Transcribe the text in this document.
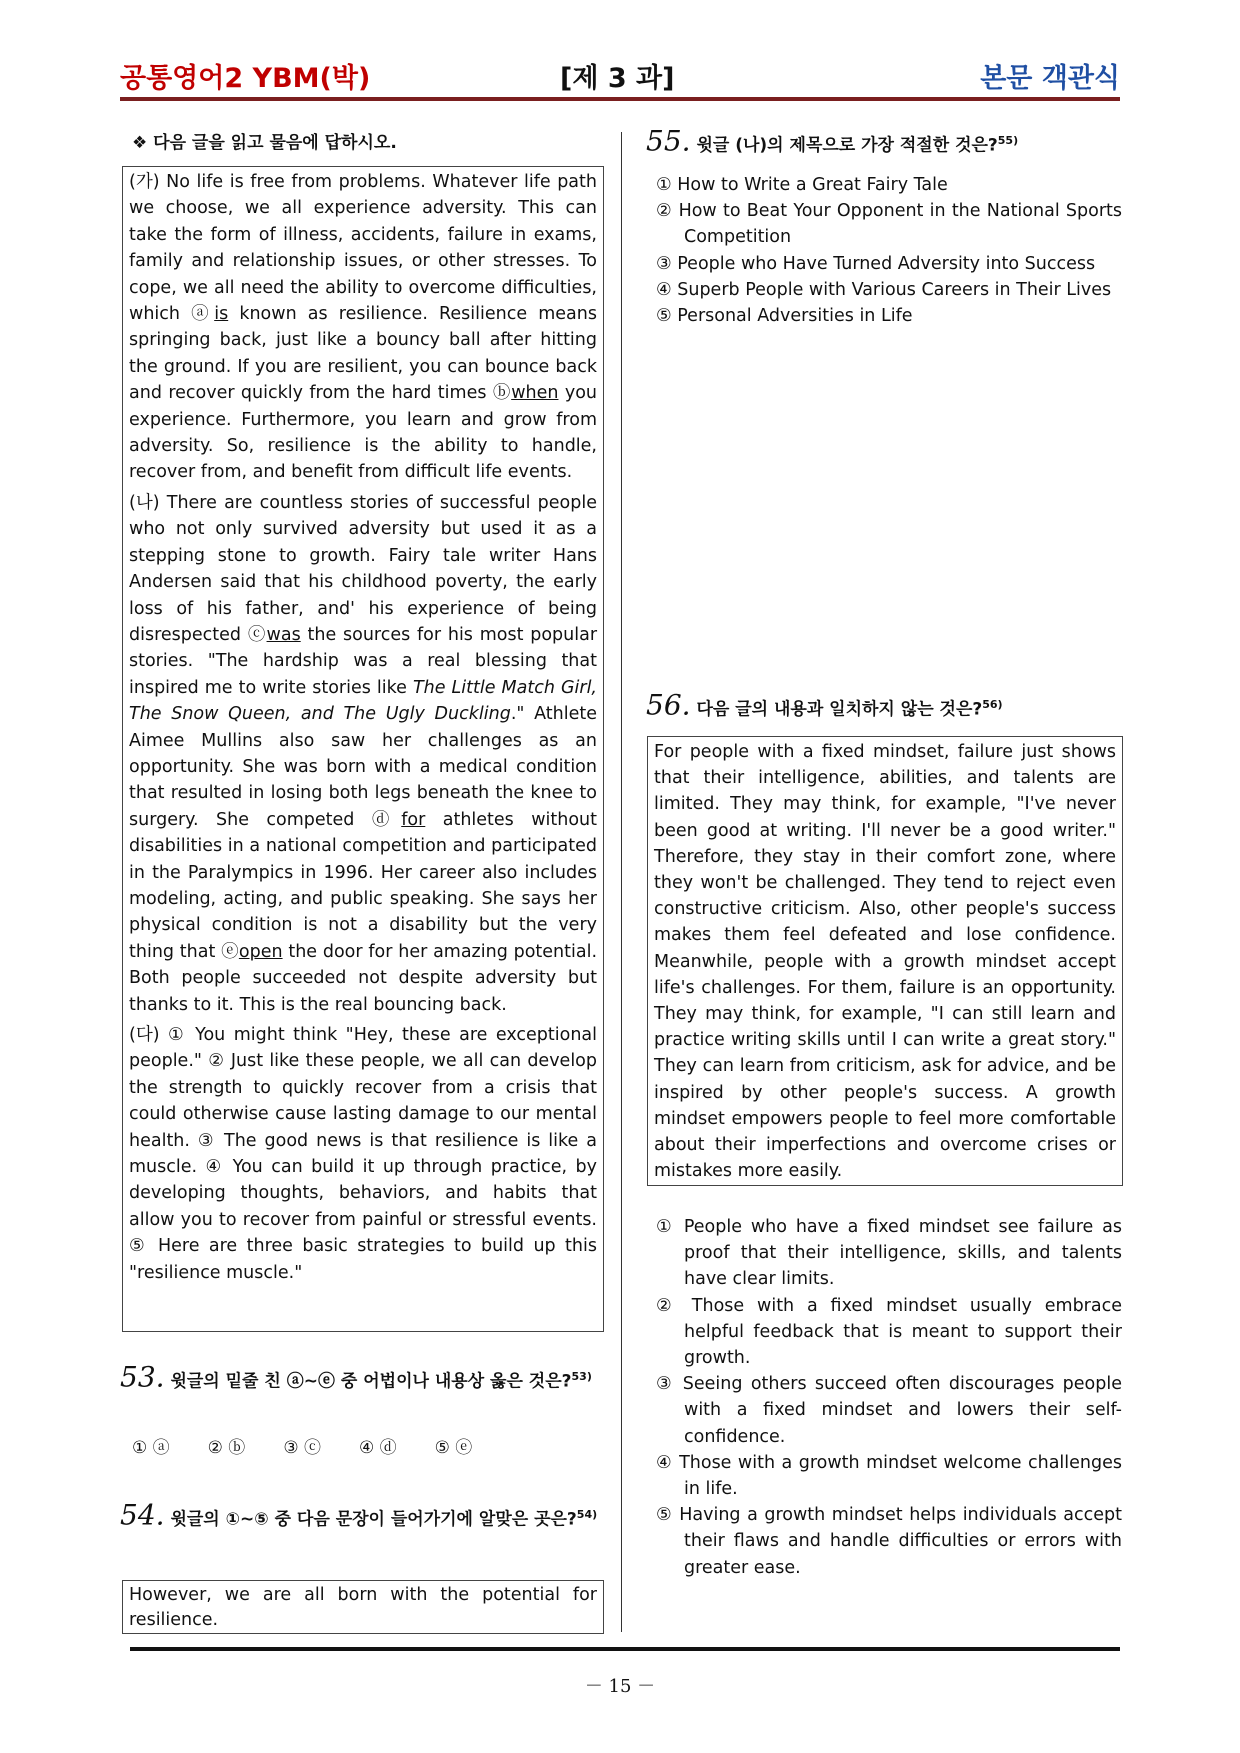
공통영어2 YBM(박)	[제 3 과]	본문 객관식
❖ 다음 글을 읽고 물음에 답하시오.

(가) No life is free from problems. Whatever life path we choose, we all experience adversity. This can take the form of illness, accidents, failure in exams, family and relationship issues, or other stresses. To cope, we all need the ability to overcome difficulties, which ⓐis known as resilience. Resilience means springing back, just like a bouncy ball after hitting the ground. If you are resilient, you can bounce back and recover quickly from the hard times ⓑwhen you experience. Furthermore, you learn and grow from adversity. So, resilience is the ability to handle, recover from, and benefit from difficult life events.

(나) There are countless stories of successful people who not only survived adversity but used it as a stepping stone to growth. Fairy tale writer Hans Andersen said that his childhood poverty, the early loss of his father, and' his experience of being disrespected ⓒwas the sources for his most popular stories. "The hardship was a real blessing that inspired me to write stories like The Little Match Girl, The Snow Queen, and The Ugly Duckling." Athlete Aimee Mullins also saw her challenges as an opportunity. She was born with a medical condition that resulted in losing both legs beneath the knee to surgery. She competed ⓓfor athletes without disabilities in a national competition and participated in the Paralympics in 1996. Her career also includes modeling, acting, and public speaking. She says her physical condition is not a disability but the very thing that ⓔopen the door for her amazing potential. Both people succeeded not despite adversity but thanks to it. This is the real bouncing back.

(다) ① You might think "Hey, these are exceptional people." ② Just like these people, we all can develop the strength to quickly recover from a crisis that could otherwise cause lasting damage to our mental health. ③ The good news is that resilience is like a muscle. ④ You can build it up through practice, by developing thoughts, behaviors, and habits that allow you to recover from painful or stressful events. ⑤ Here are three basic strategies to build up this "resilience muscle."

53. 윗글의 밑줄 친 ⓐ~ⓔ 중 어법이나 내용상 옳은 것은?$^{53)}$
① ⓐ ② ⓑ ③ ⓒ ④ ⓓ ⑤ ⓔ
54. 윗글의 ①~⑤ 중 다음 문장이 들어가기에 알맞은 곳은?$^{54)}$
However, we are all born with the potential for resilience.
55. 윗글 (나)의 제목으로 가장 적절한 것은?$^{55)}$
① How to Write a Great Fairy Tale
② How to Beat Your Opponent in the National Sports Competition
③ People who Have Turned Adversity into Success
④ Superb People with Various Careers in Their Lives
⑤ Personal Adversities in Life
56. 다음 글의 내용과 일치하지 않는 것은?$^{56)}$
For people with a fixed mindset, failure just shows that their intelligence, abilities, and talents are limited. They may think, for example, "I've never been good at writing. I'll never be a good writer." Therefore, they stay in their comfort zone, where they won't be challenged. They tend to reject even constructive criticism. Also, other people's success makes them feel defeated and lose confidence. Meanwhile, people with a growth mindset accept life's challenges. For them, failure is an opportunity. They may think, for example, "I can still learn and practice writing skills until I can write a great story." They can learn from criticism, ask for advice, and be inspired by other people's success. A growth mindset empowers people to feel more comfortable about their imperfections and overcome crises or mistakes more easily.
① People who have a fixed mindset see failure as proof that their intelligence, skills, and talents have clear limits.
② Those with a fixed mindset usually embrace helpful feedback that is meant to support their growth.
③ Seeing others succeed often discourages people with a fixed mindset and lowers their self-confidence.
④ Those with a growth mindset welcome challenges in life.
⑤ Having a growth mindset helps individuals accept their flaws and handle difficulties or errors with greater ease.
－ 15 －
